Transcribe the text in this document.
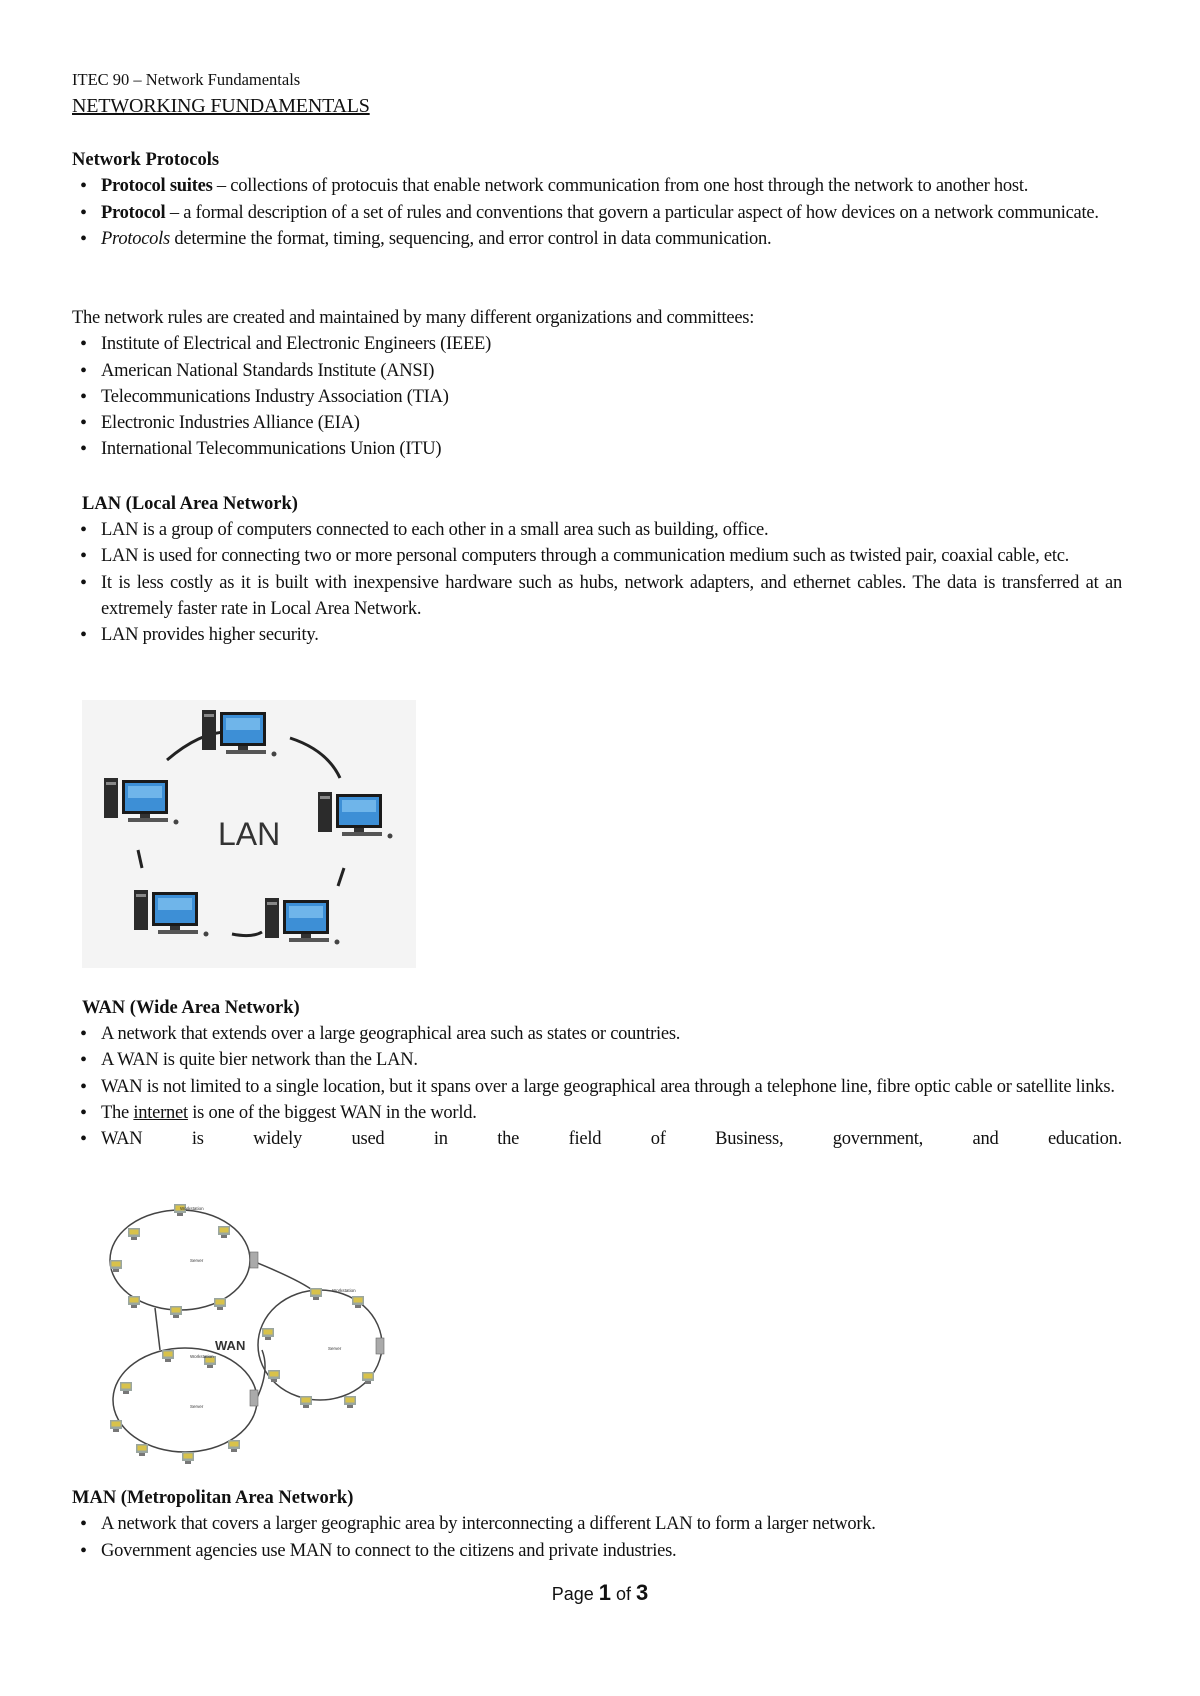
ITEC 90 – Network Fundamentals
NETWORKING FUNDAMENTALS
Network Protocols
• Protocol suites – collections of protocuis that enable network communication from one host through the network to another host.
• Protocol – a formal description of a set of rules and conventions that govern a particular aspect of how devices on a network communicate.
• Protocols determine the format, timing, sequencing, and error control in data communication.

The network rules are created and maintained by many different organizations and committees:

• Institute of Electrical and Electronic Engineers (IEEE)
• American National Standards Institute (ANSI)
• Telecommunications Industry Association (TIA)
• Electronic Industries Alliance (EIA)
• International Telecommunications Union (ITU)
LAN (Local Area Network)
• LAN is a group of computers connected to each other in a small area such as building, office.
• LAN is used for connecting two or more personal computers through a communication medium such as twisted pair, coaxial cable, etc.
• It is less costly as it is built with inexpensive hardware such as hubs, network adapters, and ethernet cables. The data is transferred at an extremely faster rate in Local Area Network.
• LAN provides higher security.
LAN
WAN (Wide Area Network)
• A network that extends over a large geographical area such as states or countries.
• A WAN is quite bier network than the LAN.
• WAN is not limited to a single location, but it spans over a large geographical area through a telephone line, fibre optic cable or satellite links.
• The internet is one of the biggest WAN in the world.
• WAN is widely used in the field of Business, government, and education.
WAN
Workstation
Server
Workstation
Server
Workstation
Server
MAN (Metropolitan Area Network)
• A network that covers a larger geographic area by interconnecting a different LAN to form a larger network.
• Government agencies use MAN to connect to the citizens and private industries.
Page 1 of 3
